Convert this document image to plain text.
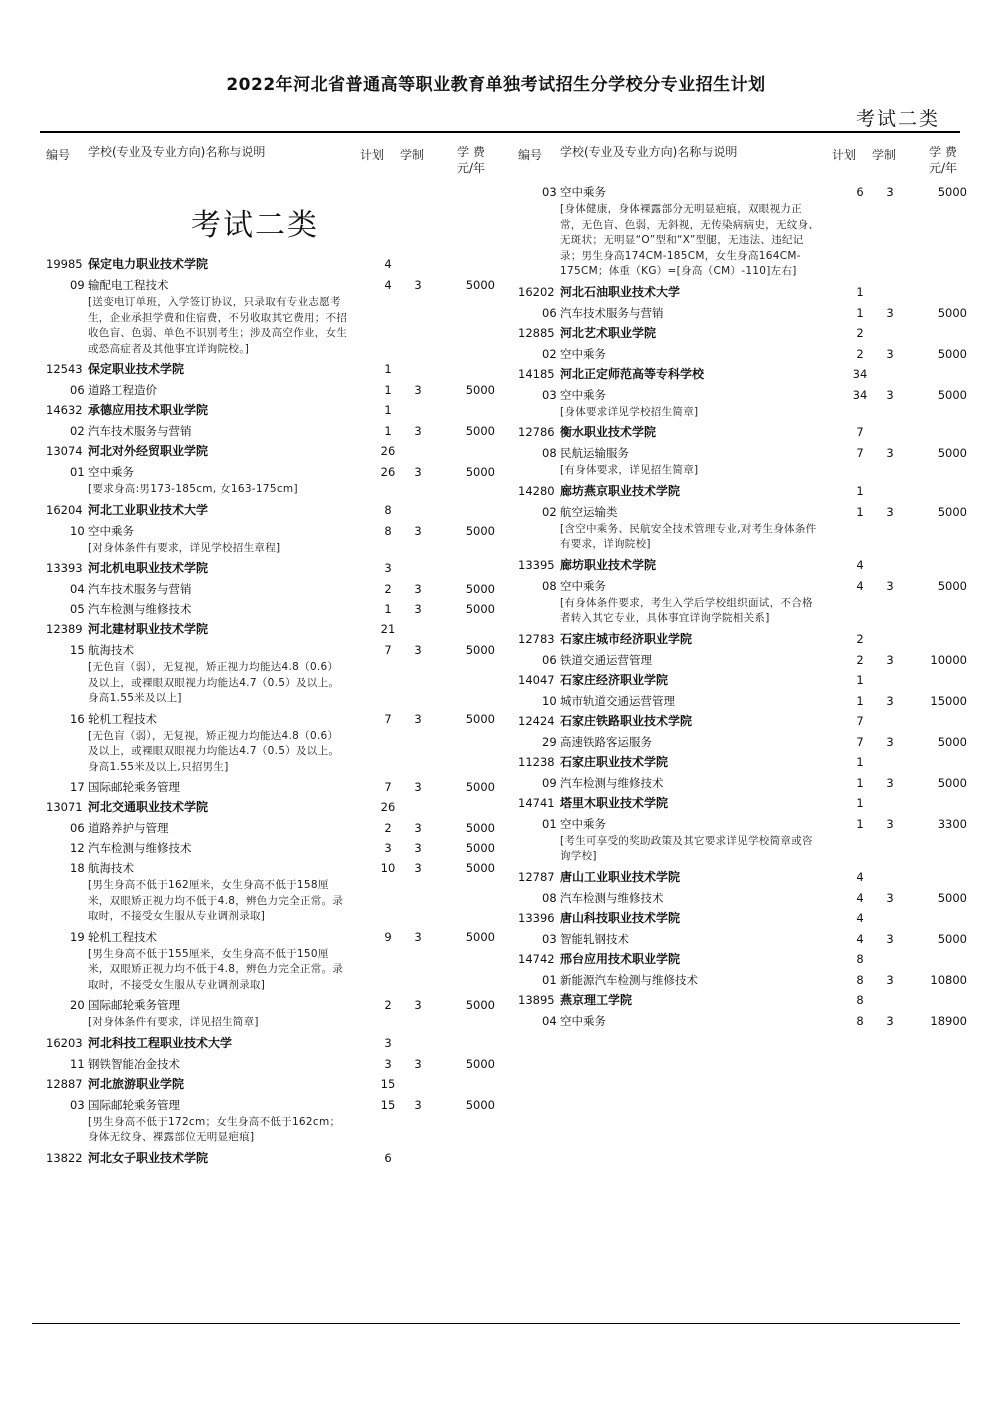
2022年河北省普通高等职业教育单独考试招生分学校分专业招生计划
考试二类
编号 学校(专业及专业方向)名称与说明	计划 学制	学 费元/年
考试二类
19985 保定电力职业技术学院	4
09 输配电工程技术	4	3	5000
[送变电订单班，入学签订协议，只录取有专业志愿考生，企业承担学费和住宿费，不另收取其它费用；不招收色盲、色弱、单色不识别考生；涉及高空作业，女生或恐高症者及其他事宜详询院校。]
12543 保定职业技术学院	1
06 道路工程造价	1	3	5000
14632 承德应用技术职业学院	1
02 汽车技术服务与营销	1	3	5000
13074 河北对外经贸职业学院	26
01 空中乘务	26	3	5000
[要求身高:男173-185cm, 女163-175cm]
16204 河北工业职业技术大学	8
10 空中乘务	8	3	5000
[对身体条件有要求，详见学校招生章程]
13393 河北机电职业技术学院	3
04 汽车技术服务与营销	2	3	5000
05 汽车检测与维修技术	1	3	5000
12389 河北建材职业技术学院	21
15 航海技术	7	3	5000
[无色盲（弱），无复视，矫正视力均能达4.8（0.6）及以上，或裸眼双眼视力均能达4.7（0.5）及以上。身高1.55米及以上]
16 轮机工程技术	7	3	5000
[无色盲（弱），无复视，矫正视力均能达4.8（0.6）及以上，或裸眼双眼视力均能达4.7（0.5）及以上。身高1.55米及以上,只招男生]
17 国际邮轮乘务管理	7	3	5000
13071 河北交通职业技术学院	26
06 道路养护与管理	2	3	5000
12 汽车检测与维修技术	3	3	5000
18 航海技术	10	3	5000
[男生身高不低于162厘米，女生身高不低于158厘米，双眼矫正视力均不低于4.8，辨色力完全正常。录取时，不接受女生服从专业调剂录取]
19 轮机工程技术	9	3	5000
[男生身高不低于155厘米，女生身高不低于150厘米，双眼矫正视力均不低于4.8，辨色力完全正常。录取时，不接受女生服从专业调剂录取]
20 国际邮轮乘务管理	2	3	5000
[对身体条件有要求，详见招生简章]
16203 河北科技工程职业技术大学	3
11 钢铁智能冶金技术	3	3	5000
12887 河北旅游职业学院	15
03 国际邮轮乘务管理	15	3	5000
[男生身高不低于172cm；女生身高不低于162cm；身体无纹身、裸露部位无明显疤痕]
13822 河北女子职业技术学院	6
编号 学校(专业及专业方向)名称与说明	计划 学制	学 费元/年
03 空中乘务	6	3	5000
[身体健康，身体裸露部分无明显疤痕，双眼视力正常，无色盲、色弱，无斜视，无传染病病史，无纹身、无斑状；无明显“O”型和“X”型腿，无违法、违纪记录；男生身高174CM-185CM，女生身高164CM-175CM；体重（KG）=[身高（CM）-110]左右]
16202 河北石油职业技术大学	1
06 汽车技术服务与营销	1	3	5000
12885 河北艺术职业学院	2
02 空中乘务	2	3	5000
14185 河北正定师范高等专科学校	34
03 空中乘务	34	3	5000
[身体要求详见学校招生简章]
12786 衡水职业技术学院	7
08 民航运输服务	7	3	5000
[有身体要求，详见招生简章]
14280 廊坊燕京职业技术学院	1
02 航空运输类	1	3	5000
[含空中乘务、民航安全技术管理专业,对考生身体条件有要求，详询院校]
13395 廊坊职业技术学院	4
08 空中乘务	4	3	5000
[有身体条件要求，考生入学后学校组织面试，不合格者转入其它专业，具体事宜详询学院相关系]
12783 石家庄城市经济职业学院	2
06 铁道交通运营管理	2	3	10000
14047 石家庄经济职业学院	1
10 城市轨道交通运营管理	1	3	15000
12424 石家庄铁路职业技术学院	7
29 高速铁路客运服务	7	3	5000
11238 石家庄职业技术学院	1
09 汽车检测与维修技术	1	3	5000
14741 塔里木职业技术学院	1
01 空中乘务	1	3	3300
[考生可享受的奖助政策及其它要求详见学校简章或咨询学校]
12787 唐山工业职业技术学院	4
08 汽车检测与维修技术	4	3	5000
13396 唐山科技职业技术学院	4
03 智能轧钢技术	4	3	5000
14742 邢台应用技术职业学院	8
01 新能源汽车检测与维修技术	8	3	10800
13895 燕京理工学院	8
04 空中乘务	8	3	18900
